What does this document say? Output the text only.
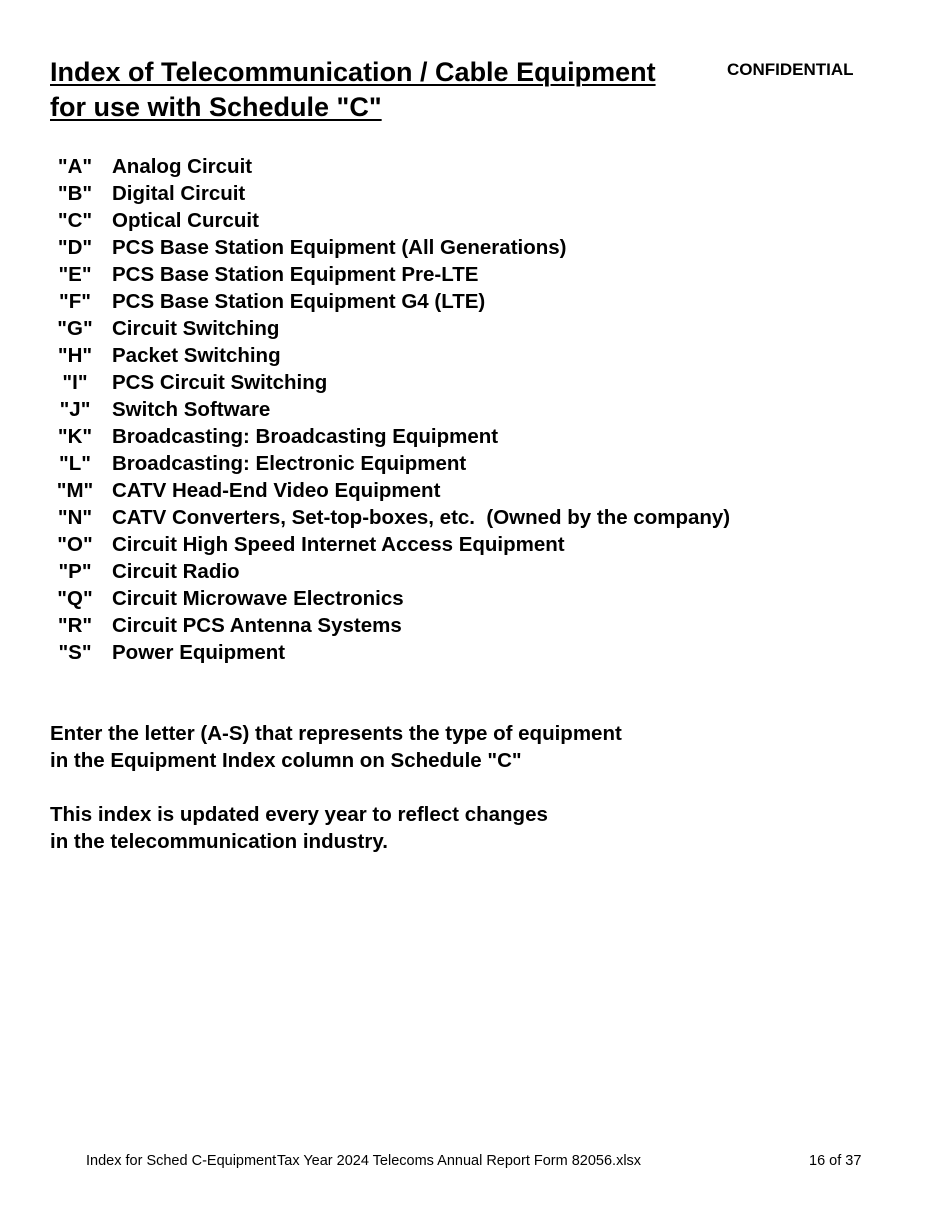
Index of Telecommunication / Cable Equipment
for use with Schedule "C"
CONFIDENTIAL
"A" Analog Circuit
"B" Digital Circuit
"C" Optical Curcuit
"D" PCS Base Station Equipment (All Generations)
"E" PCS Base Station Equipment Pre-LTE
"F"	PCS Base Station Equipment G4 (LTE)
"G" Circuit Switching
"H" Packet Switching
"I"	PCS Circuit Switching
"J"	Switch Software
"K" Broadcasting: Broadcasting Equipment
"L"	Broadcasting: Electronic Equipment
"M" CATV Head-End Video Equipment
"N" CATV Converters, Set-top-boxes, etc.  (Owned by the company)
"O" Circuit High Speed Internet Access Equipment
"P" Circuit Radio
"Q" Circuit Microwave Electronics
"R" Circuit PCS Antenna Systems
"S" Power Equipment

Enter the letter (A-S) that represents the type of equipment
in the Equipment Index column on Schedule "C"

This index is updated every year to reflect changes
in the telecommunication industry.

Index for Sched C-Equipment Tax Year 2024 Telecoms Annual Report Form 82056.xlsx	16 of 37
